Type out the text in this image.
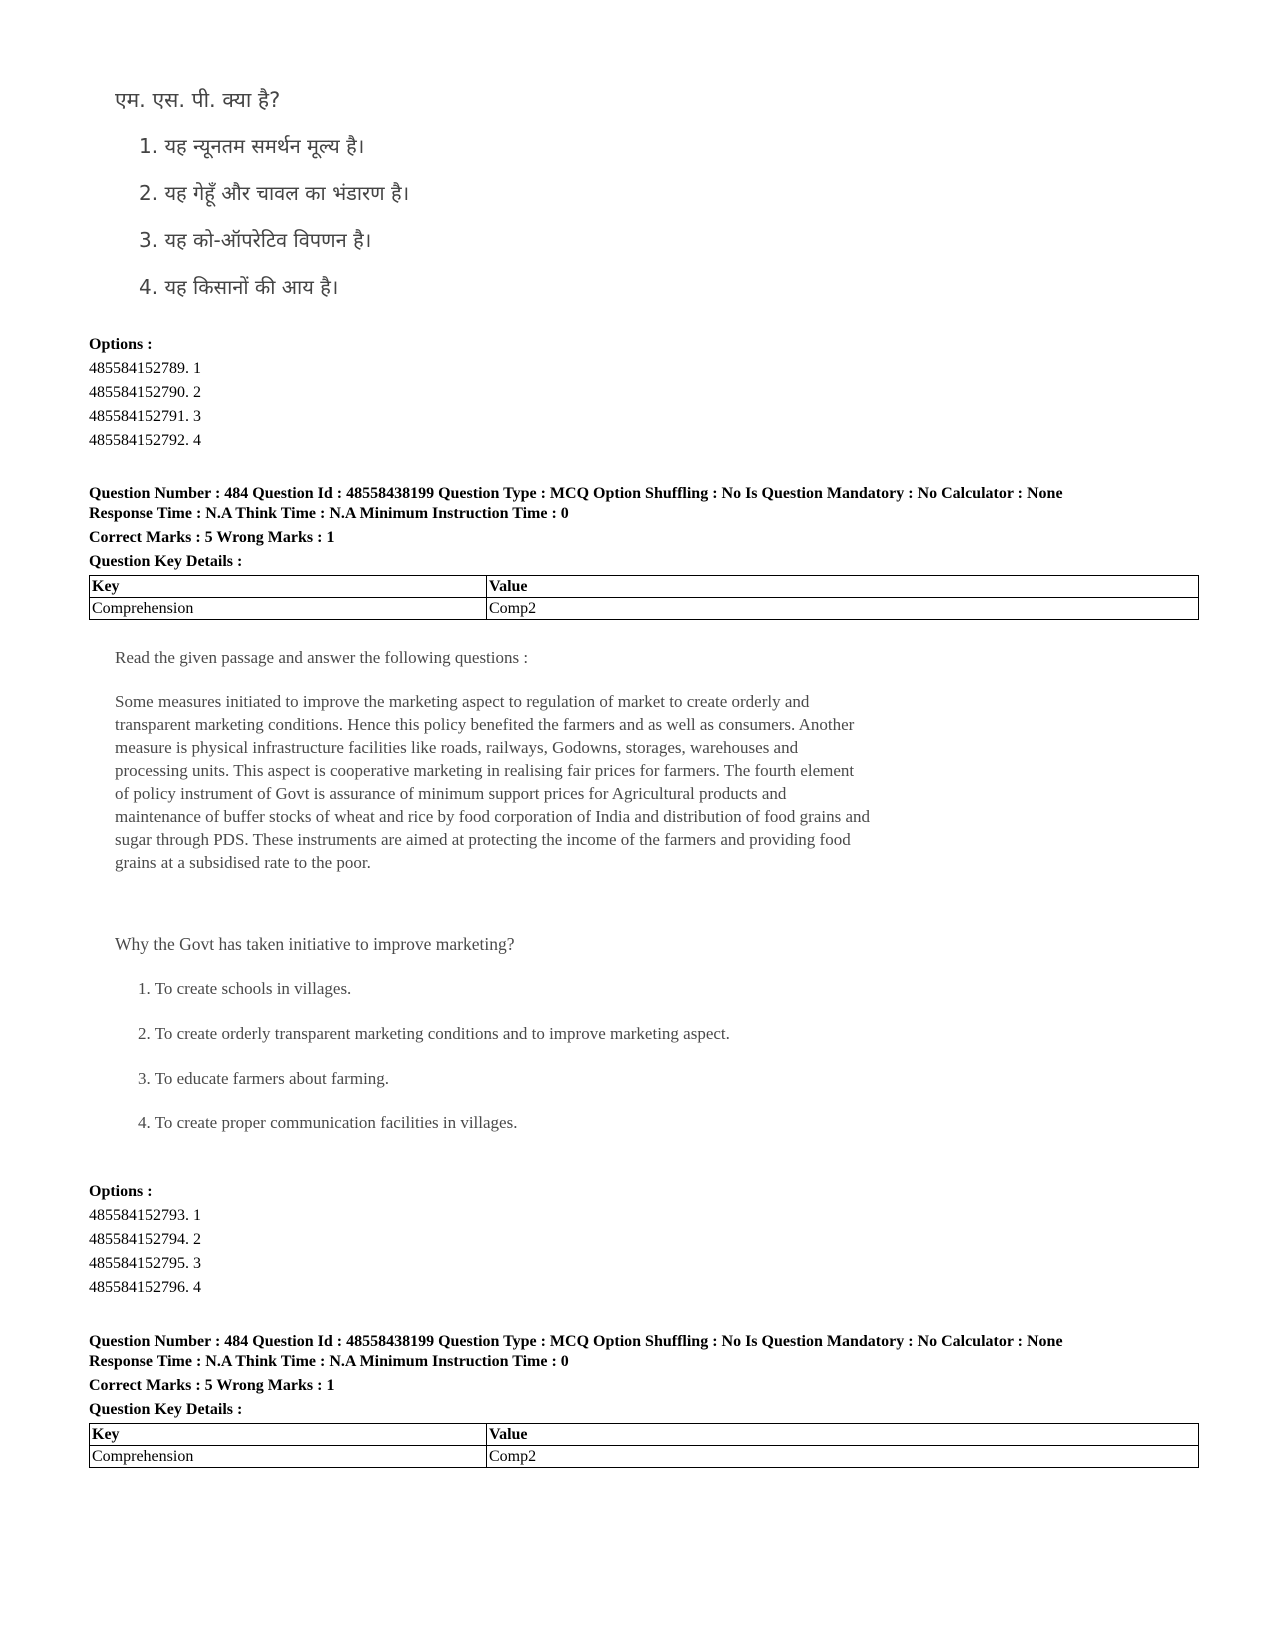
एम. एस. पी. क्या है?
1. यह न्यूनतम समर्थन मूल्य है।
2. यह गेहूँ और चावल का भंडारण है।
3. यह को-ऑपरेटिव विपणन है।
4. यह किसानों की आय है।
Options :
485584152789. 1
485584152790. 2
485584152791. 3
485584152792. 4
Question Number : 484 Question Id : 48558438199 Question Type : MCQ Option Shuffling : No Is Question Mandatory : No Calculator : None
Response Time : N.A Think Time : N.A Minimum Instruction Time : 0
Correct Marks : 5 Wrong Marks : 1
Question Key Details :
Key	Value
Comprehension	Comp2
Read the given passage and answer the following questions :
Some measures initiated to improve the marketing aspect to regulation of market to create orderly and
transparent marketing conditions. Hence this policy benefited the farmers and as well as consumers. Another
measure is physical infrastructure facilities like roads, railways, Godowns, storages, warehouses and
processing units. This aspect is cooperative marketing in realising fair prices for farmers. The fourth element
of policy instrument of Govt is assurance of minimum support prices for Agricultural products and
maintenance of buffer stocks of wheat and rice by food corporation of India and distribution of food grains and
sugar through PDS. These instruments are aimed at protecting the income of the farmers and providing food
grains at a subsidised rate to the poor.
Why the Govt has taken initiative to improve marketing?
1. To create schools in villages.
2. To create orderly transparent marketing conditions and to improve marketing aspect.
3. To educate farmers about farming.
4. To create proper communication facilities in villages.
Options :
485584152793. 1
485584152794. 2
485584152795. 3
485584152796. 4
Question Number : 484 Question Id : 48558438199 Question Type : MCQ Option Shuffling : No Is Question Mandatory : No Calculator : None
Response Time : N.A Think Time : N.A Minimum Instruction Time : 0
Correct Marks : 5 Wrong Marks : 1
Question Key Details :
Key	Value
Comprehension	Comp2
